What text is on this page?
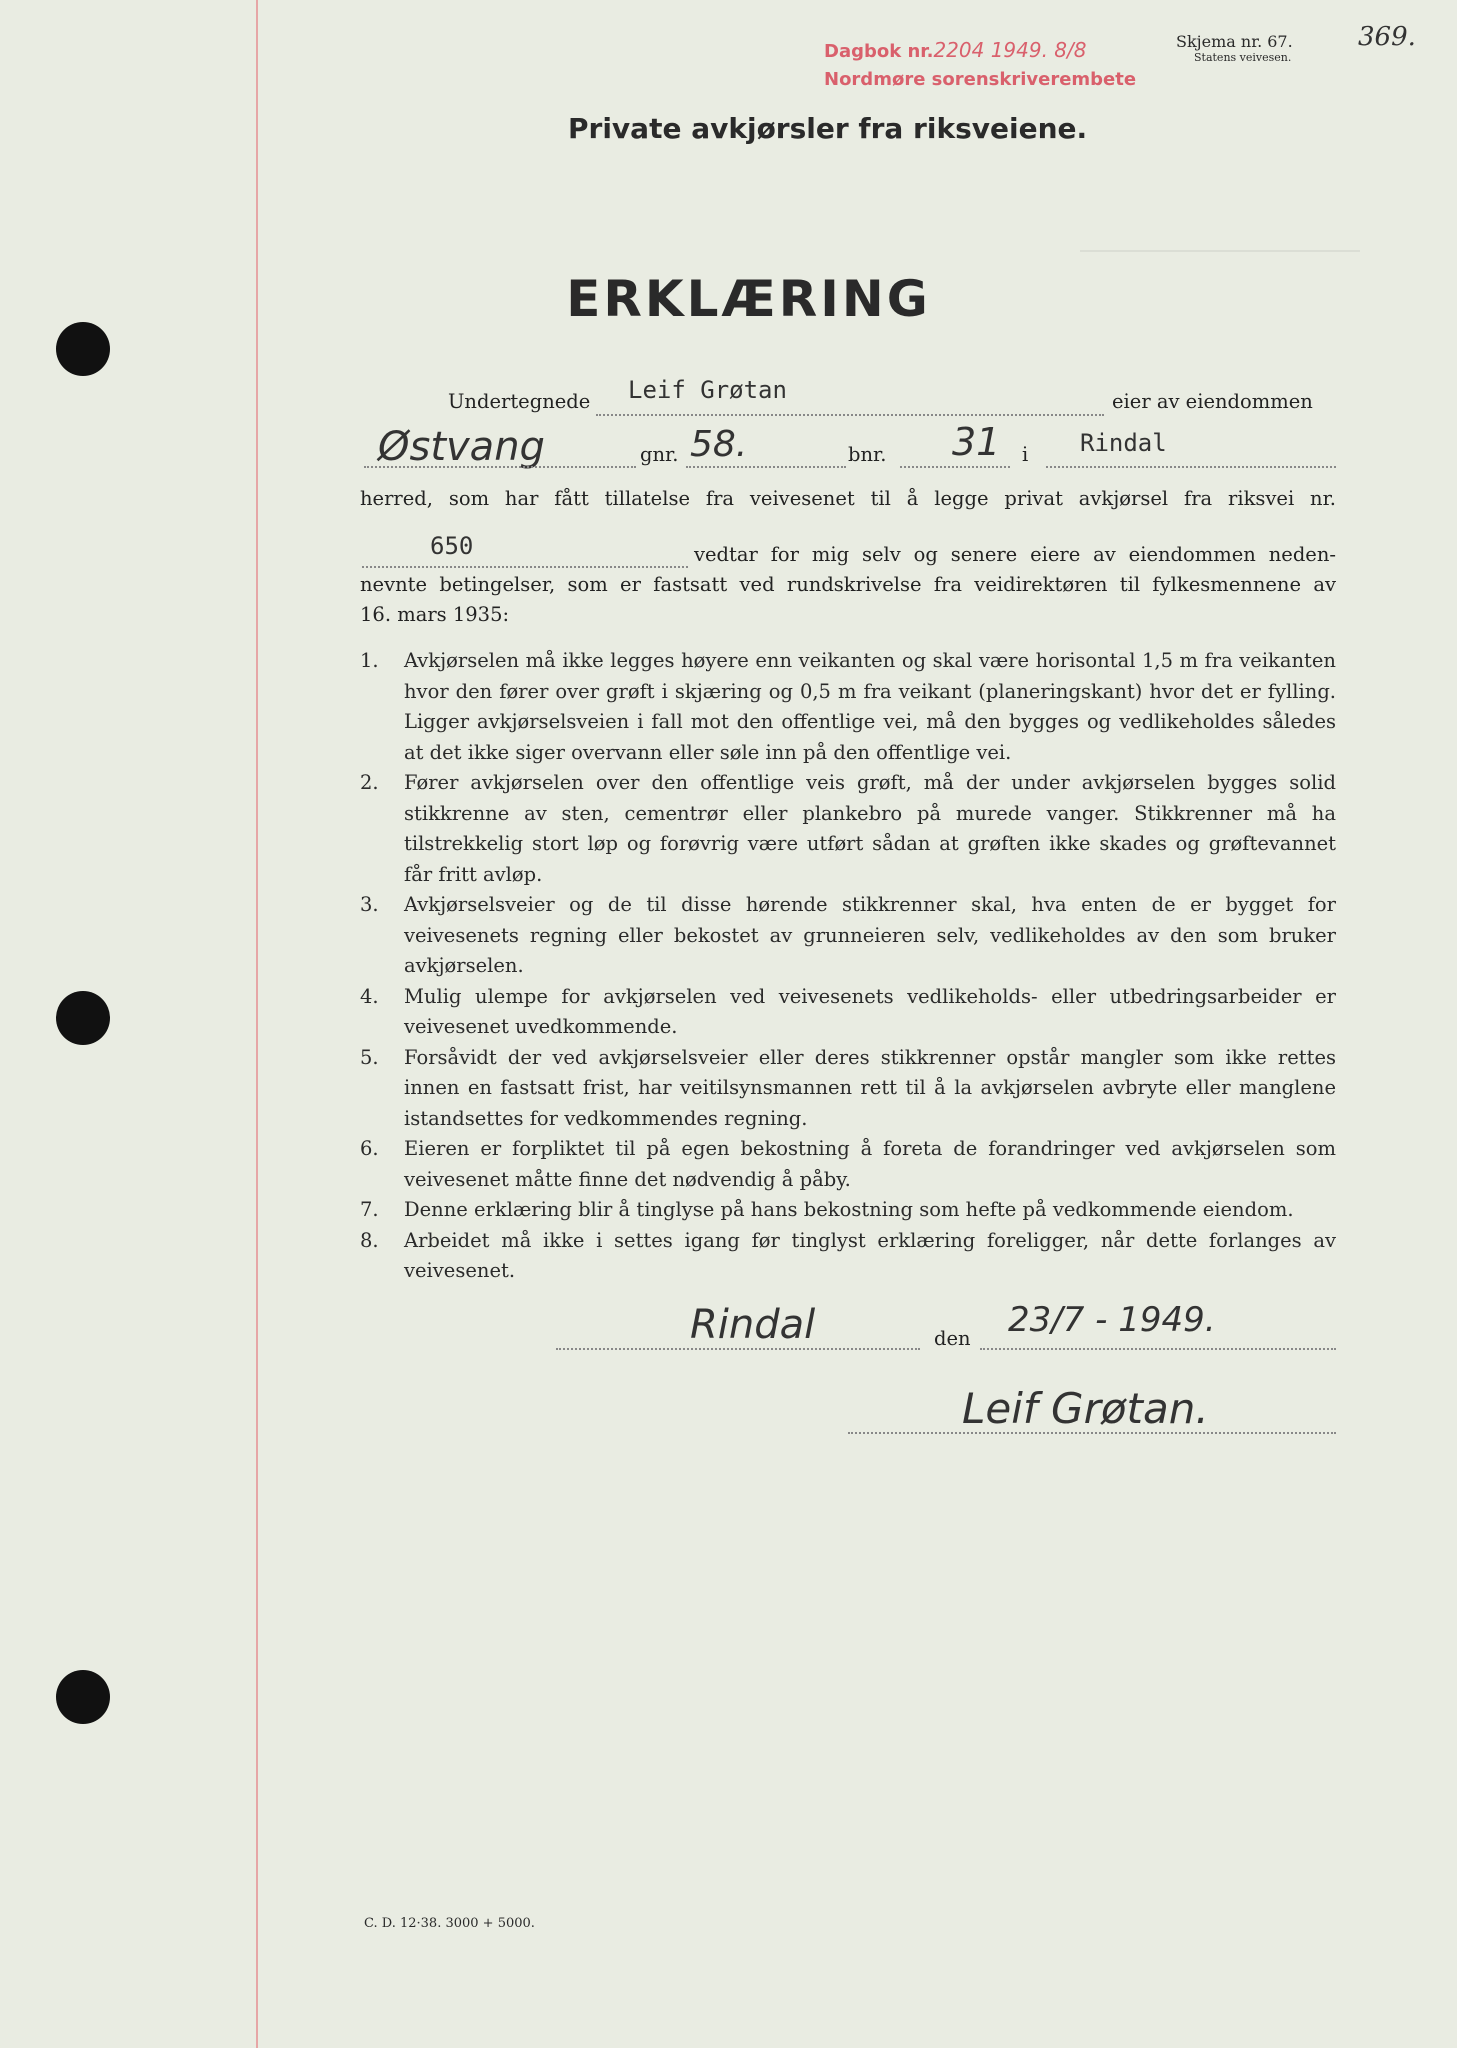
Dagbok nr.2204 1949. 8/8
Nordmøre sorenskriverembete
Skjema nr. 67.
Statens veivesen.
369.
Private avkjørsler fra riksveiene.
ERKLÆRING
Undertegnede Leif Grøtan	eier av eiendommen
Østvang	gnr. 58.	bnr. 31 i Rindal
herred, som har fått tillatelse fra veivesenet til å legge privat avkjørsel fra riksvei nr.
650	vedtar for mig selv og senere eiere av eiendommen neden-
nevnte betingelser, som er fastsatt ved rundskrivelse fra veidirektøren til fylkesmennene av
16. mars 1935:
1. Avkjørselen må ikke legges høyere enn veikanten og skal være horisontal 1,5 m fra veikanten hvor den fører over grøft i skjæring og 0,5 m fra veikant (planeringskant) hvor det er fylling. Ligger avkjørselsveien i fall mot den offentlige vei, må den bygges og vedlikeholdes således at det ikke siger overvann eller søle inn på den offentlige vei.
2. Fører avkjørselen over den offentlige veis grøft, må der under avkjørselen bygges solid stikkrenne av sten, cementrør eller plankebro på murede vanger. Stikkrenner må ha tilstrekkelig stort løp og forøvrig være utført sådan at grøften ikke skades og grøftevannet får fritt avløp.
3. Avkjørselsveier og de til disse hørende stikkrenner skal, hva enten de er bygget for veivesenets regning eller bekostet av grunneieren selv, vedlikeholdes av den som bruker avkjørselen.
4. Mulig ulempe for avkjørselen ved veivesenets vedlikeholds- eller utbedringsarbeider er veivesenet uvedkommende.
5. Forsåvidt der ved avkjørselsveier eller deres stikkrenner opstår mangler som ikke rettes innen en fastsatt frist, har veitilsynsmannen rett til å la avkjørselen avbryte eller manglene istandsettes for vedkommendes regning.
6. Eieren er forpliktet til på egen bekostning å foreta de forandringer ved avkjørselen som veivesenet måtte finne det nødvendig å påby.
7. Denne erklæring blir å tinglyse på hans bekostning som hefte på vedkommende eiendom.
8. Arbeidet må ikke i settes igang før tinglyst erklæring foreligger, når dette forlanges av veivesenet.
Rindal	den 23/7 - 1949.
Leif Grøtan.
C. D. 12·38. 3000 + 5000.
